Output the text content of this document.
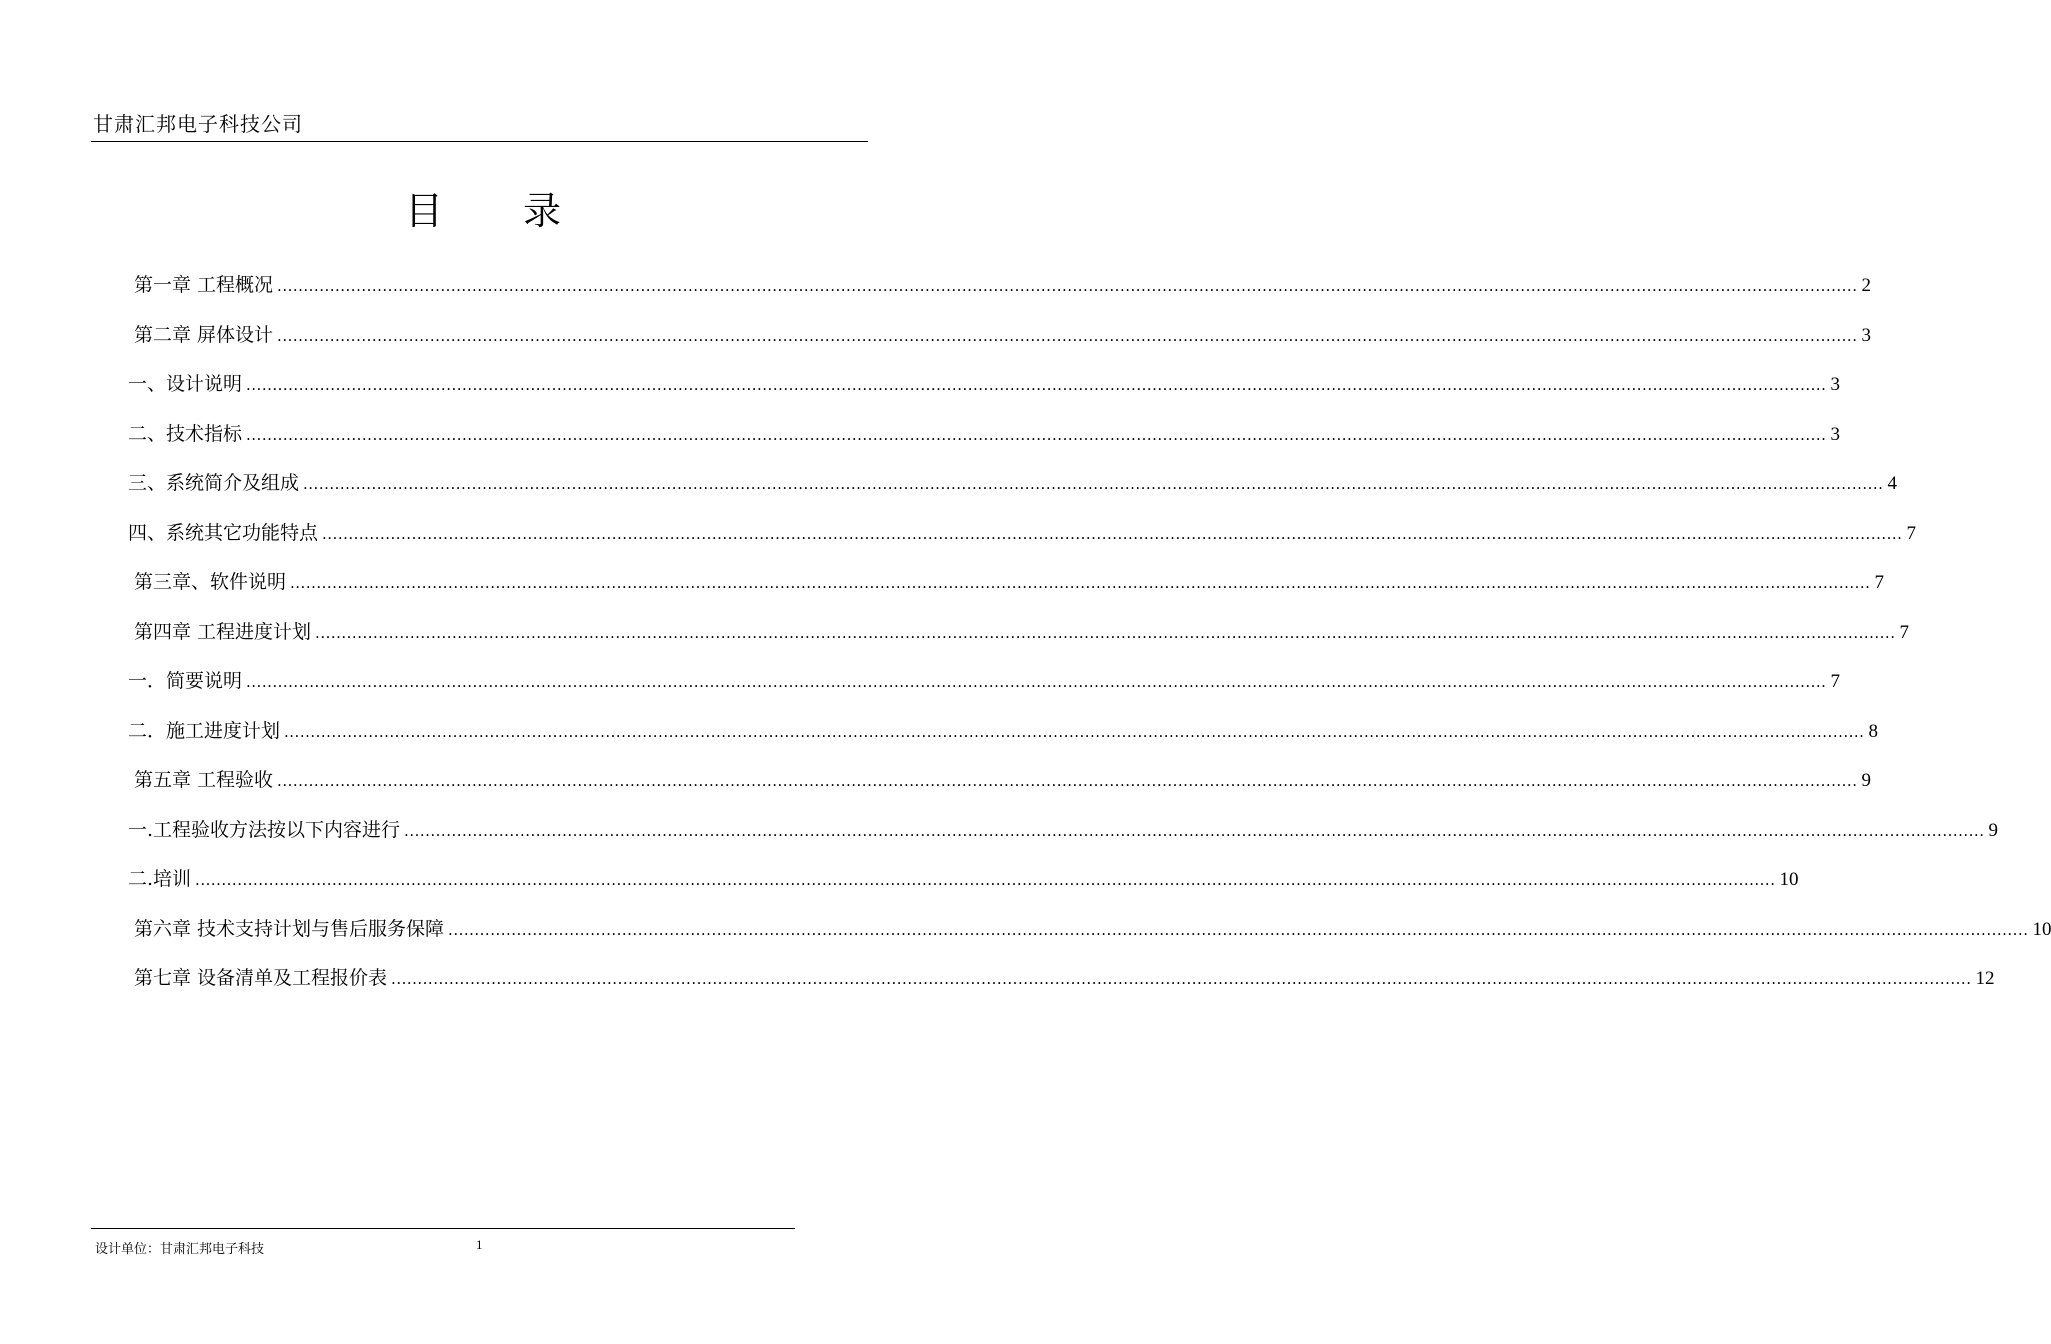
甘肃汇邦电子科技公司
目录
第一章 工程概况 ............................................................................................................................................................................................................................................................................................................ 2
第二章 屏体设计 ............................................................................................................................................................................................................................................................................................................ 3
一、设计说明 ............................................................................................................................................................................................................................................................................................................ 3
二、技术指标 ............................................................................................................................................................................................................................................................................................................ 3
三、系统简介及组成 ............................................................................................................................................................................................................................................................................................................ 4
四、系统其它功能特点 ............................................................................................................................................................................................................................................................................................................ 7
第三章、软件说明 ............................................................................................................................................................................................................................................................................................................ 7
第四章 工程进度计划 ............................................................................................................................................................................................................................................................................................................ 7
一．简要说明 ............................................................................................................................................................................................................................................................................................................ 7
二．施工进度计划 ............................................................................................................................................................................................................................................................................................................ 8
第五章 工程验收 ............................................................................................................................................................................................................................................................................................................ 9
一.工程验收方法按以下内容进行 ............................................................................................................................................................................................................................................................................................................ 9
二.培训 ............................................................................................................................................................................................................................................................................................................ 10
第六章 技术支持计划与售后服务保障 ............................................................................................................................................................................................................................................................................................................ 10
第七章 设备清单及工程报价表 ............................................................................................................................................................................................................................................................................................................ 12
设计单位：甘肃汇邦电子科技	1
